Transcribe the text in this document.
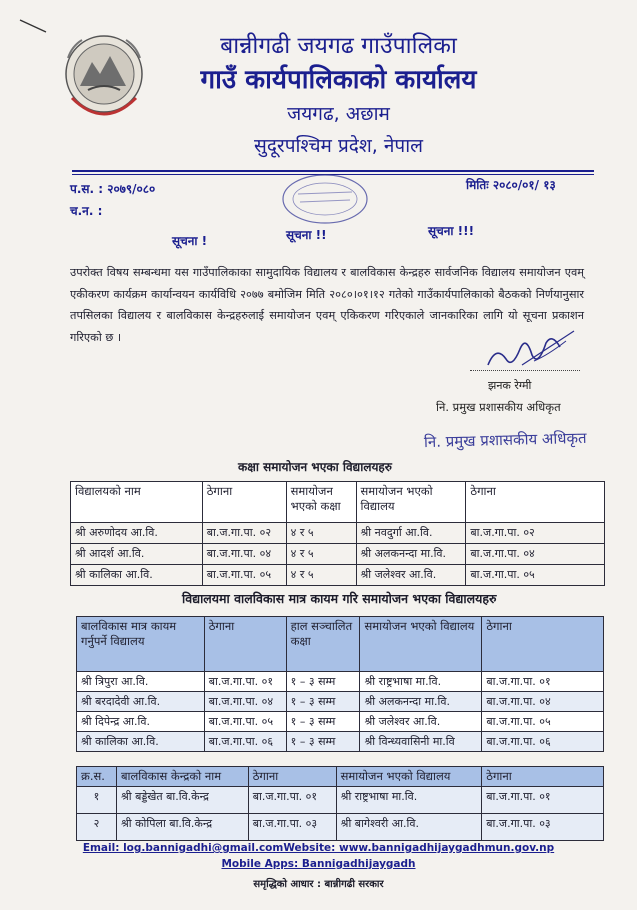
बान्नीगढी जयगढ गाउँपालिका
गाउँ कार्यपालिकाको कार्यालय
जयगढ, अछाम
सुदूरपश्चिम प्रदेश, नेपाल
प.स. : २०७९/०८०
च.न. :
मितिः २०८०/०१/ १३
सूचना !	सूचना !!	सूचना !!!
उपरोक्त विषय सम्बन्धमा यस गाउँपालिकाका सामुदायिक विद्यालय र बालविकास केन्द्रहरु सार्वजनिक विद्यालय समायोजन एवम् एकीकरण कार्यक्रम कार्यान्वयन कार्यविधि २०७७ बमोजिम मिति २०८०।०१।१२ गतेको गाउँकार्यपालिकाको बैठकको निर्णयानुसार तपसिलका विद्यालय र बालविकास केन्द्रहरुलाई समायोजन एवम् एकिकरण गरिएकाले जानकारिका लागि यो सूचना प्रकाशन गरिएको छ ।
झनक रेग्मी
नि. प्रमुख प्रशासकीय अधिकृत
नि. प्रमुख प्रशासकीय अधिकृत
कक्षा समायोजन भएका विद्यालयहरु
विद्यालयको नाम	ठेगाना	समायोजन भएको कक्षा	समायोजन भएको विद्यालय	ठेगाना
श्री अरुणोदय आ.वि.	बा.ज.गा.पा. ०२	४ र ५	श्री नवदुर्गा आ.वि.	बा.ज.गा.पा. ०२
श्री आदर्श आ.वि.	बा.ज.गा.पा. ०४	४ र ५	श्री अलकनन्दा मा.वि.	बा.ज.गा.पा. ०४
श्री कालिका आ.वि.	बा.ज.गा.पा. ०५	४ र ५	श्री जलेश्वर आ.वि.	बा.ज.गा.पा. ०५
विद्यालयमा वालविकास मात्र कायम गरि समायोजन भएका विद्यालयहरु
बालविकास मात्र कायम गर्नुपर्ने विद्यालय	ठेगाना	हाल सञ्चालित कक्षा	समायोजन भएको विद्यालय	ठेगाना
श्री त्रिपुरा आ.वि.	बा.ज.गा.पा. ०१	१ – ३ सम्म	श्री राष्ट्रभाषा मा.वि.	बा.ज.गा.पा. ०१
श्री बरदादेवी आ.वि.	बा.ज.गा.पा. ०४	१ – ३ सम्म	श्री अलकनन्दा मा.वि.	बा.ज.गा.पा. ०४
श्री दिपेन्द्र आ.वि.	बा.ज.गा.पा. ०५	१ – ३ सम्म	श्री जलेश्वर आ.वि.	बा.ज.गा.पा. ०५
श्री कालिका आ.वि.	बा.ज.गा.पा. ०६	१ – ३ सम्म	श्री विन्ध्यवासिनी मा.वि	बा.ज.गा.पा. ०६
क्र.स.	बालविकास केन्द्रको नाम	ठेगाना	समायोजन भएको विद्यालय	ठेगाना
१	श्री बड्डेखेत बा.वि.केन्द्र	बा.ज.गा.पा. ०१	श्री राष्ट्रभाषा मा.वि.	बा.ज.गा.पा. ०१
२	श्री कोपिला बा.वि.केन्द्र	बा.ज.गा.पा. ०३	श्री बागेश्वरी आ.वि.	बा.ज.गा.पा. ०३
Email: log.bannigadhi@gmail.comWebsite: www.bannigadhijaygadhmun.gov.np
Mobile Apps: Bannigadhijaygadh
समृद्धिको आधार : बान्नीगढी सरकार
